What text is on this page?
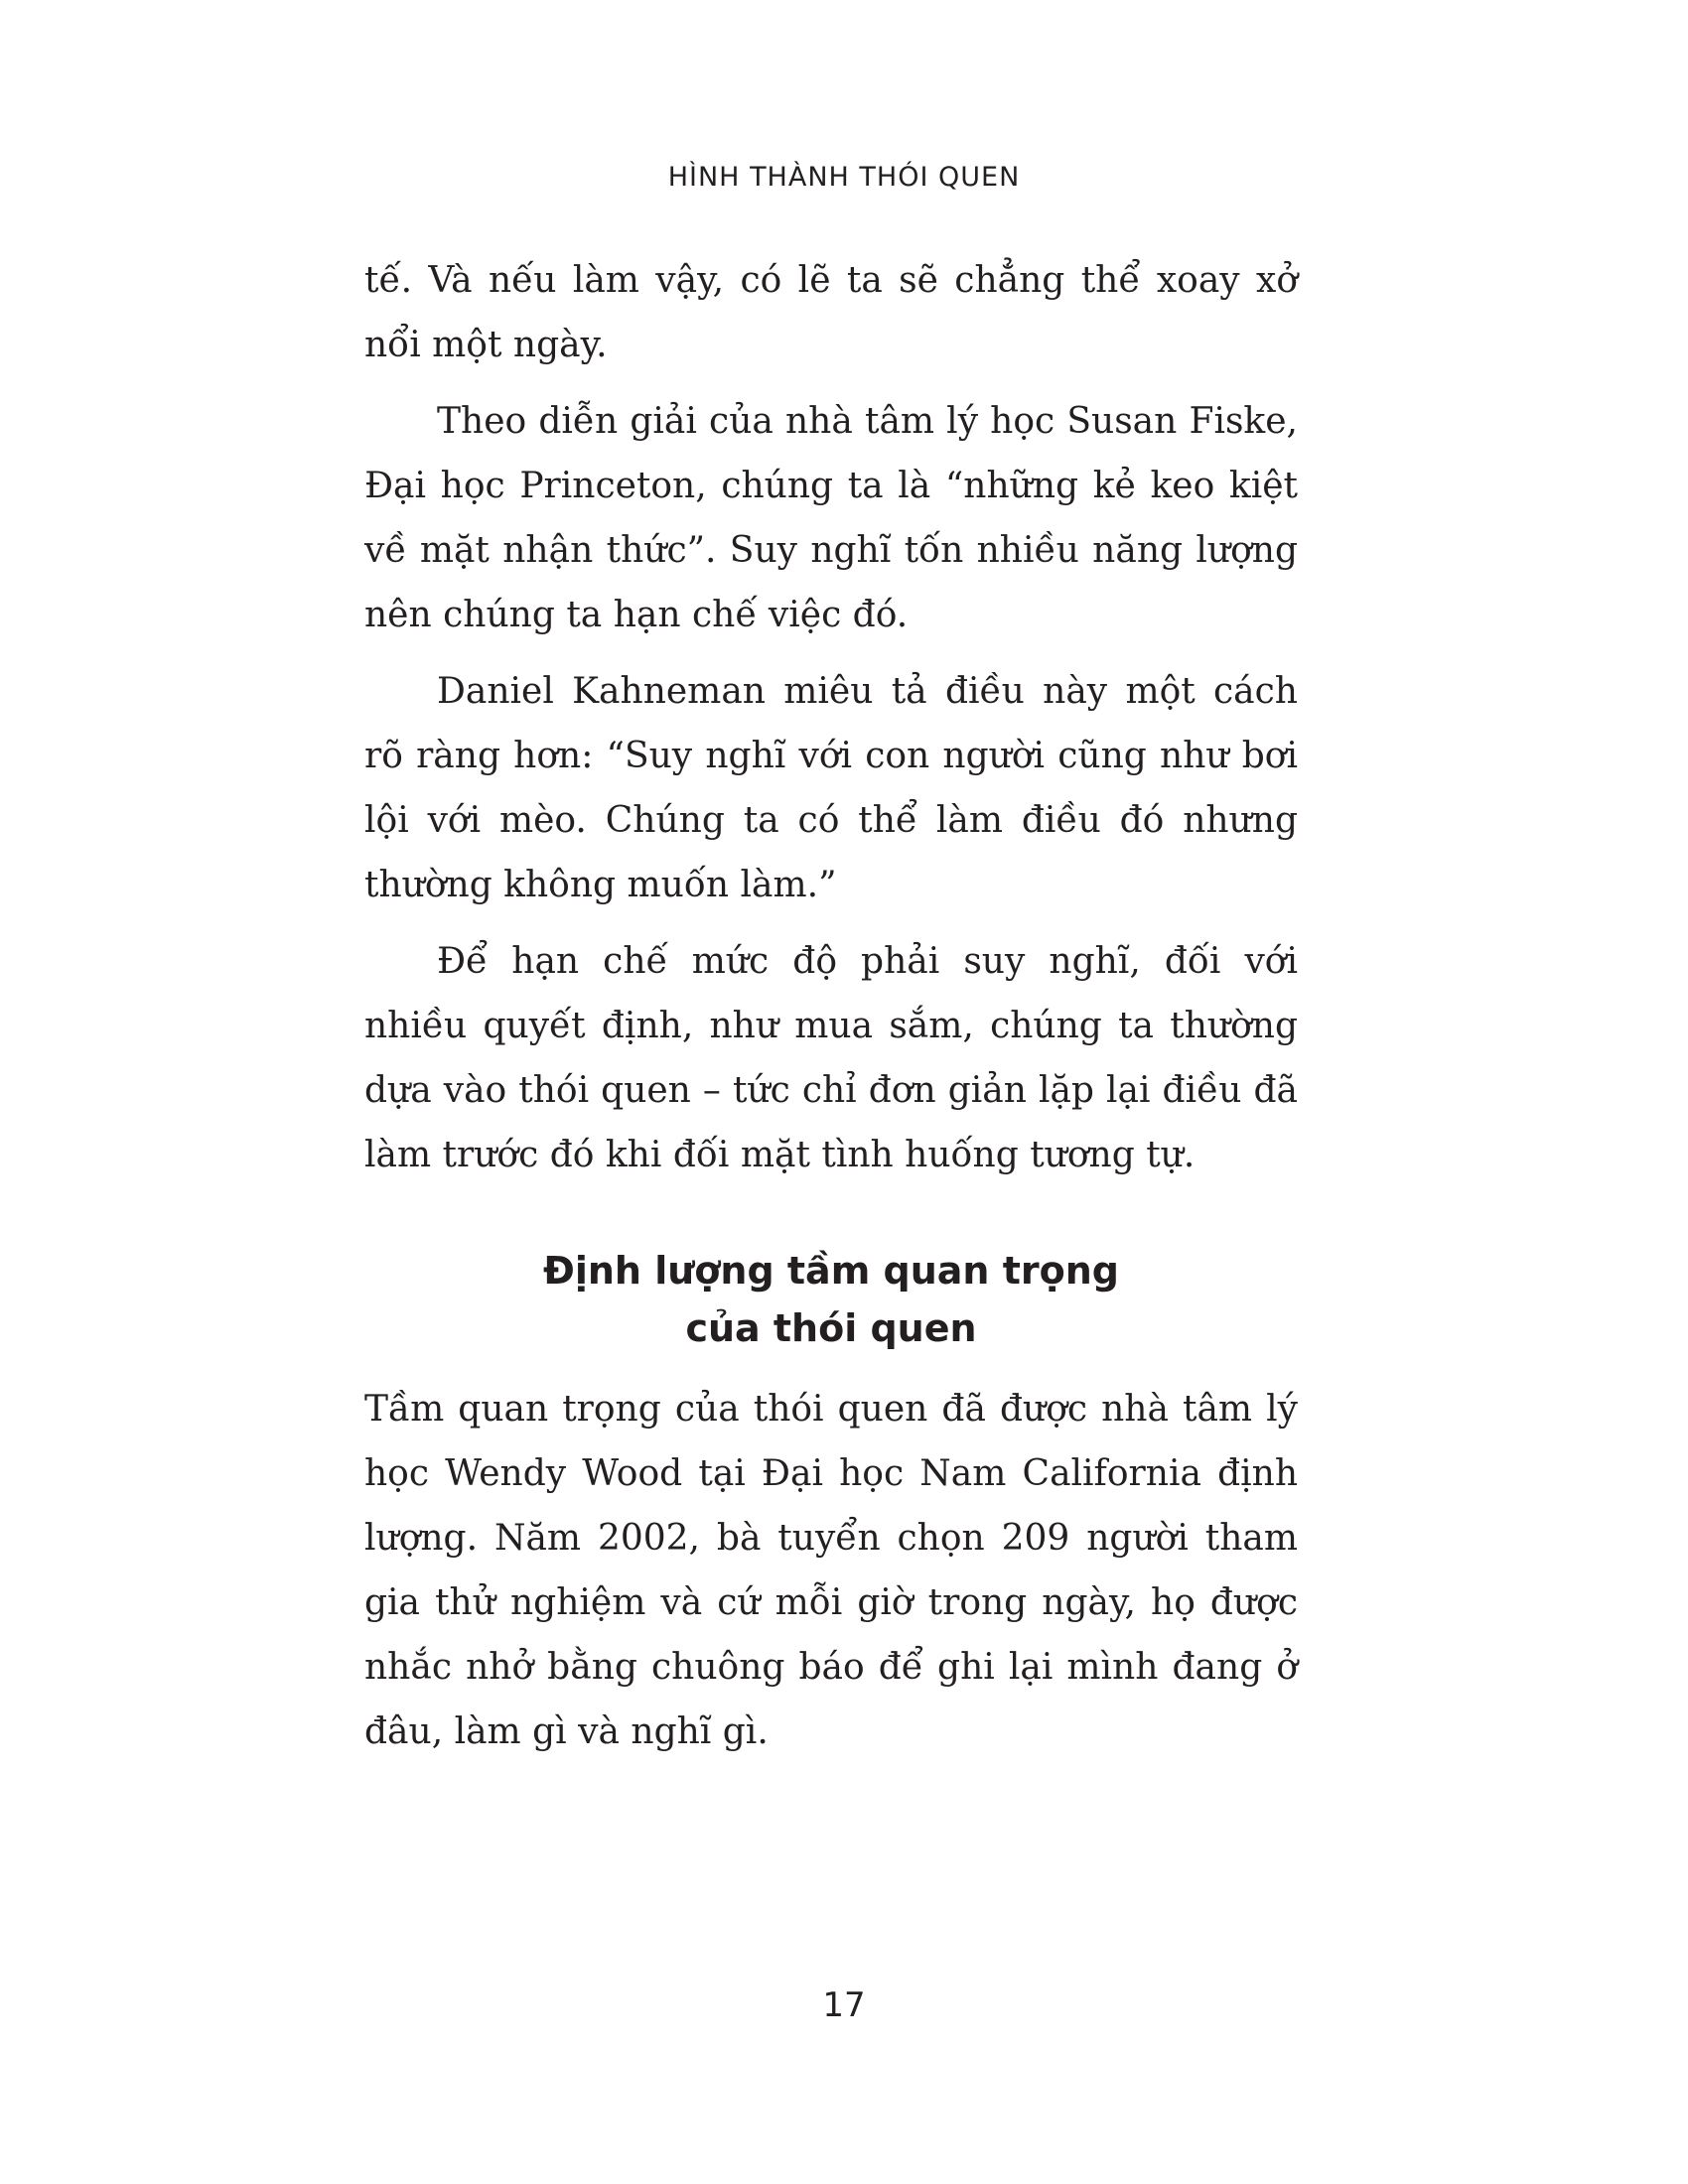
HÌNH THÀNH THÓI QUEN

tế. Và nếu làm vậy, có lẽ ta sẽ chẳng thể xoay xở nổi một ngày.

Theo diễn giải của nhà tâm lý học Susan Fiske, Đại học Princeton, chúng ta là “những kẻ keo kiệt về mặt nhận thức”. Suy nghĩ tốn nhiều năng lượng nên chúng ta hạn chế việc đó.

Daniel Kahneman miêu tả điều này một cách rõ ràng hơn: “Suy nghĩ với con người cũng như bơi lội với mèo. Chúng ta có thể làm điều đó nhưng thường không muốn làm.”

Để hạn chế mức độ phải suy nghĩ, đối với nhiều quyết định, như mua sắm, chúng ta thường dựa vào thói quen – tức chỉ đơn giản lặp lại điều đã làm trước đó khi đối mặt tình huống tương tự.

Định lượng tầm quan trọng
của thói quen

Tầm quan trọng của thói quen đã được nhà tâm lý học Wendy Wood tại Đại học Nam California định lượng. Năm 2002, bà tuyển chọn 209 người tham gia thử nghiệm và cứ mỗi giờ trong ngày, họ được nhắc nhở bằng chuông báo để ghi lại mình đang ở đâu, làm gì và nghĩ gì.

17
